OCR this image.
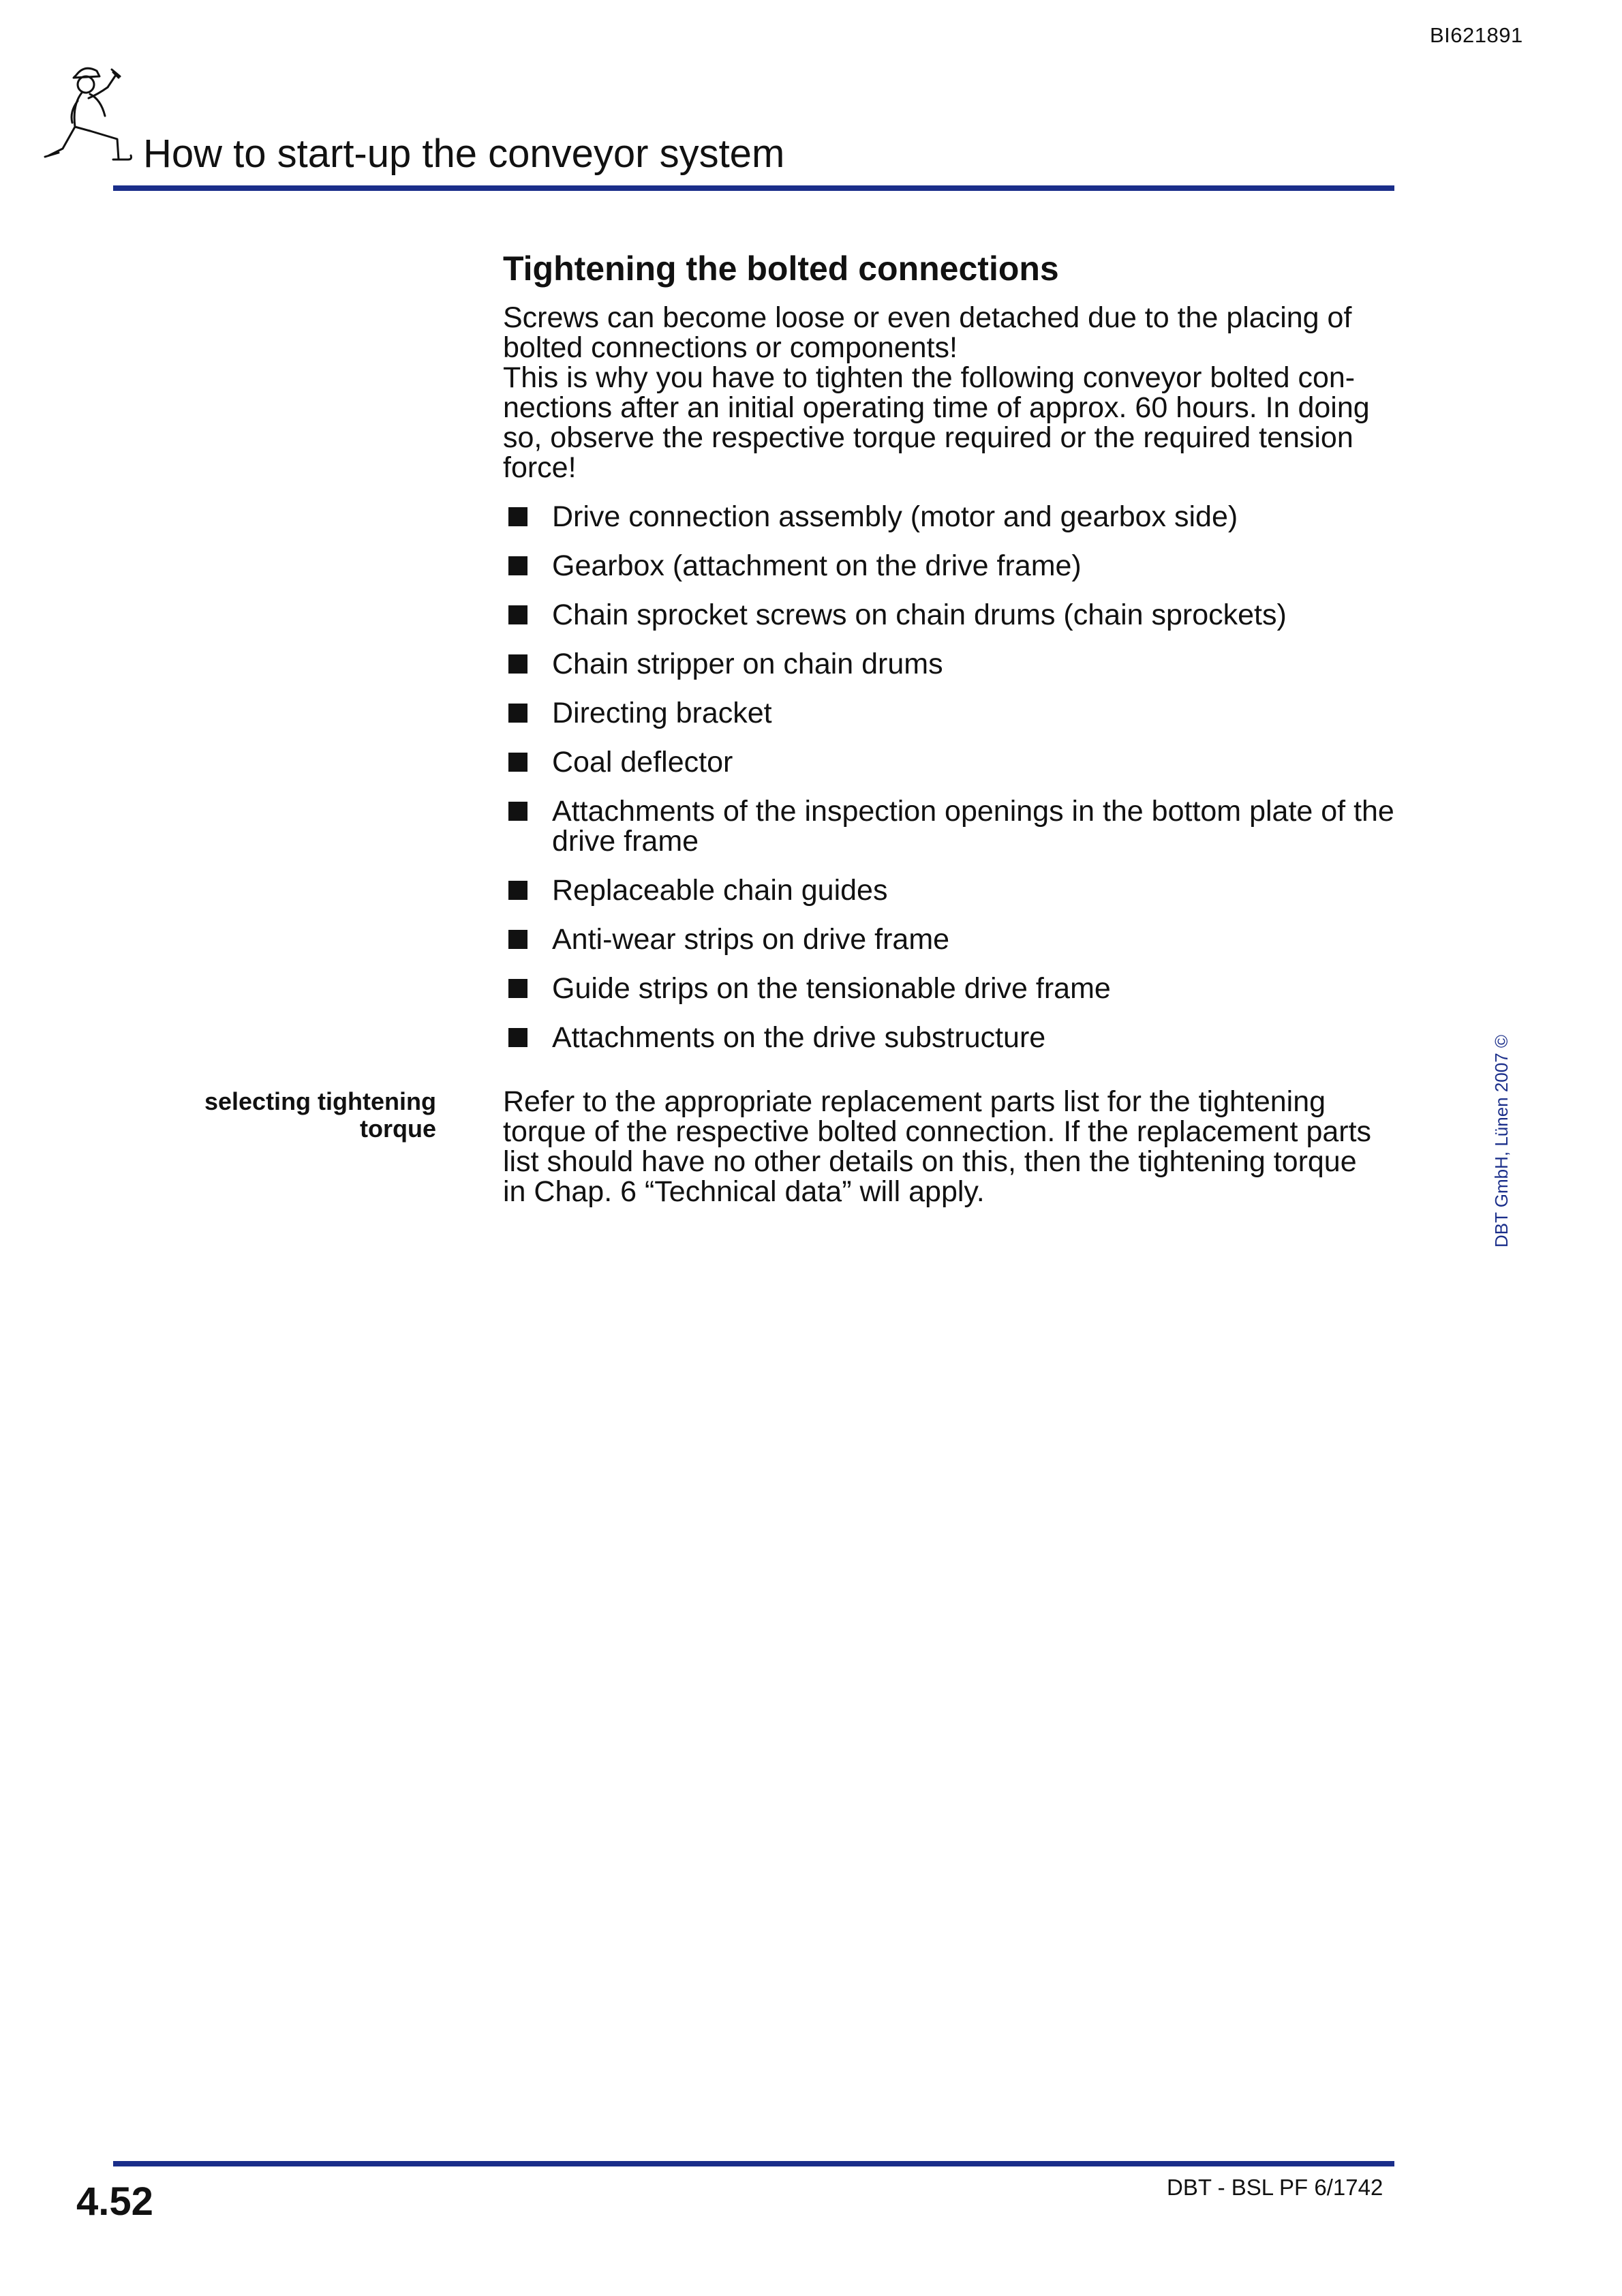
BI621891
How to start-up the conveyor system
Tightening the bolted connections

Screws can become loose or even detached due to the placing of

bolted connections or components!

This is why you have to tighten the following conveyor bolted con-

nections after an initial operating time of approx. 60 hours. In doing

so, observe the respective torque required or the required tension

force!

Drive connection assembly (motor and gearbox side)
Gearbox (attachment on the drive frame)
Chain sprocket screws on chain drums (chain sprockets)
Chain stripper on chain drums
Directing bracket
Coal deflector
Attachments of the inspection openings in the bottom plate of the drive frame
Replaceable chain guides
Anti-wear strips on drive frame
Guide strips on the tensionable drive frame
Attachments on the drive substructure
selecting tightening
torque

Refer to the appropriate replacement parts list for the tightening

torque of the respective bolted connection. If the replacement parts

list should have no other details on this, then the tightening torque

in Chap. 6 “Technical data” will apply.	DBT GmbH, Lünen 2007 ©
4.52	DBT - BSL PF 6/1742
